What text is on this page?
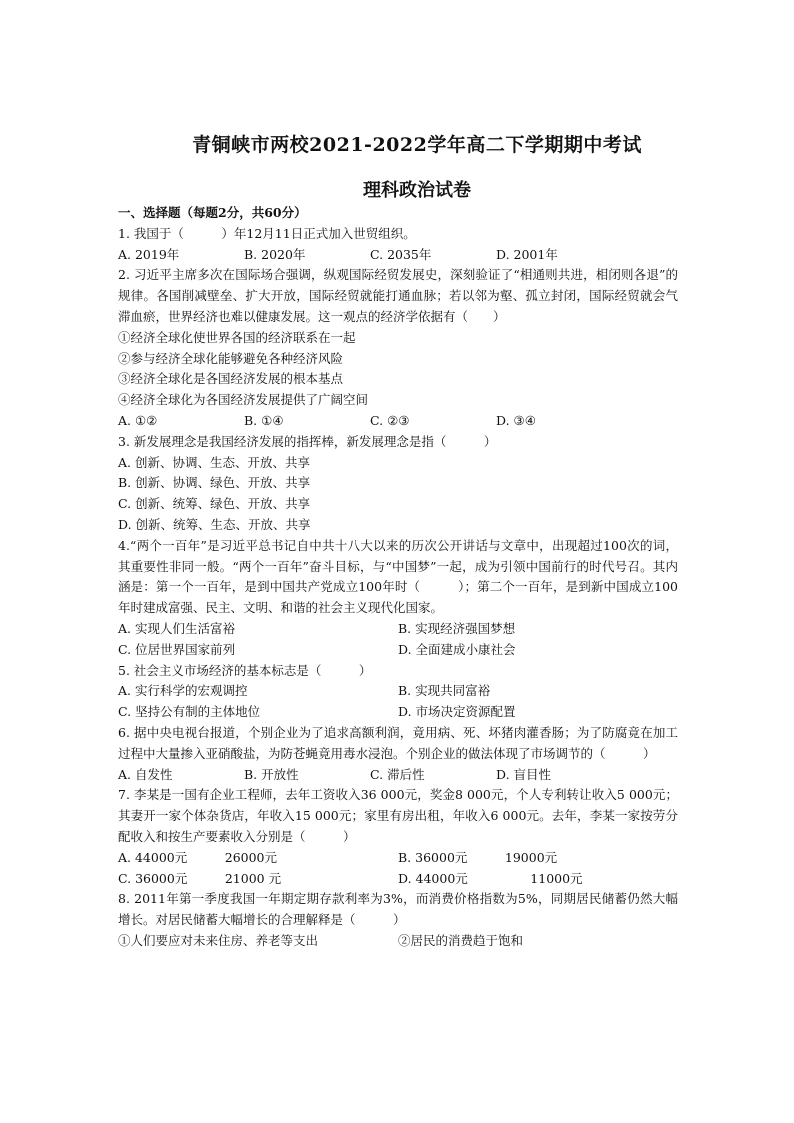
青铜峡市两校2021-2022学年高二下学期期中考试
理科政治试卷
一、选择题（每题2分，共60分）
1. 我国于（　　　）年12月11日正式加入世贸组织。
A. 2019年	B. 2020年	C. 2035年	D. 2001年
2. 习近平主席多次在国际场合强调，纵观国际经贸发展史，深刻验证了“相通则共进，相闭则各退”的规律。各国削减壁垒、扩大开放，国际经贸就能打通血脉；若以邻为壑、孤立封闭，国际经贸就会气滞血瘀，世界经济也难以健康发展。这一观点的经济学依据有（　　）
①经济全球化使世界各国的经济联系在一起
②参与经济全球化能够避免各种经济风险
③经济全球化是各国经济发展的根本基点
④经济全球化为各国经济发展提供了广阔空间
A. ①②	B. ①④	C. ②③	D. ③④
3. 新发展理念是我国经济发展的指挥棒，新发展理念是指（　　　）
A. 创新、协调、生态、开放、共享
B. 创新、协调、绿色、开放、共享
C. 创新、统筹、绿色、开放、共享
D. 创新、统筹、生态、开放、共享
4.“两个一百年”是习近平总书记自中共十八大以来的历次公开讲话与文章中，出现超过100次的词，其重要性非同一般。“两个一百年”奋斗目标，与“中国梦”一起，成为引领中国前行的时代号召。其内涵是：第一个一百年，是到中国共产党成立100年时（　　　）；第二个一百年，是到新中国成立100年时建成富强、民主、文明、和谐的社会主义现代化国家。
A. 实现人们生活富裕	B. 实现经济强国梦想
C. 位居世界国家前列	D. 全面建成小康社会
5. 社会主义市场经济的基本标志是（　　　）
A. 实行科学的宏观调控	B. 实现共同富裕
C. 坚持公有制的主体地位	D. 市场决定资源配置
6. 据中央电视台报道，个别企业为了追求高额利润，竟用病、死、坏猪肉灌香肠；为了防腐竟在加工过程中大量掺入亚硝酸盐，为防苍蝇竟用毒水浸泡。个别企业的做法体现了市场调节的（　　　）
A. 自发性	B. 开放性	C. 滞后性	D. 盲目性
7. 李某是一国有企业工程师，去年工资收入36 000元，奖金8 000元，个人专利转让收入5 000元；其妻开一家个体杂货店，年收入15 000元；家里有房出租，年收入6 000元。去年，李某一家按劳分配收入和按生产要素收入分别是（　　　）
A. 44000元　　　26000元	B. 36000元　　　19000元
C. 36000元　　　21000 元	D. 44000元　　　　　11000元
8. 2011年第一季度我国一年期定期存款利率为3%，而消费价格指数为5%，同期居民储蓄仍然大幅增长。对居民储蓄大幅增长的合理解释是（　　　）
①人们要应对未来住房、养老等支出	②居民的消费趋于饱和
